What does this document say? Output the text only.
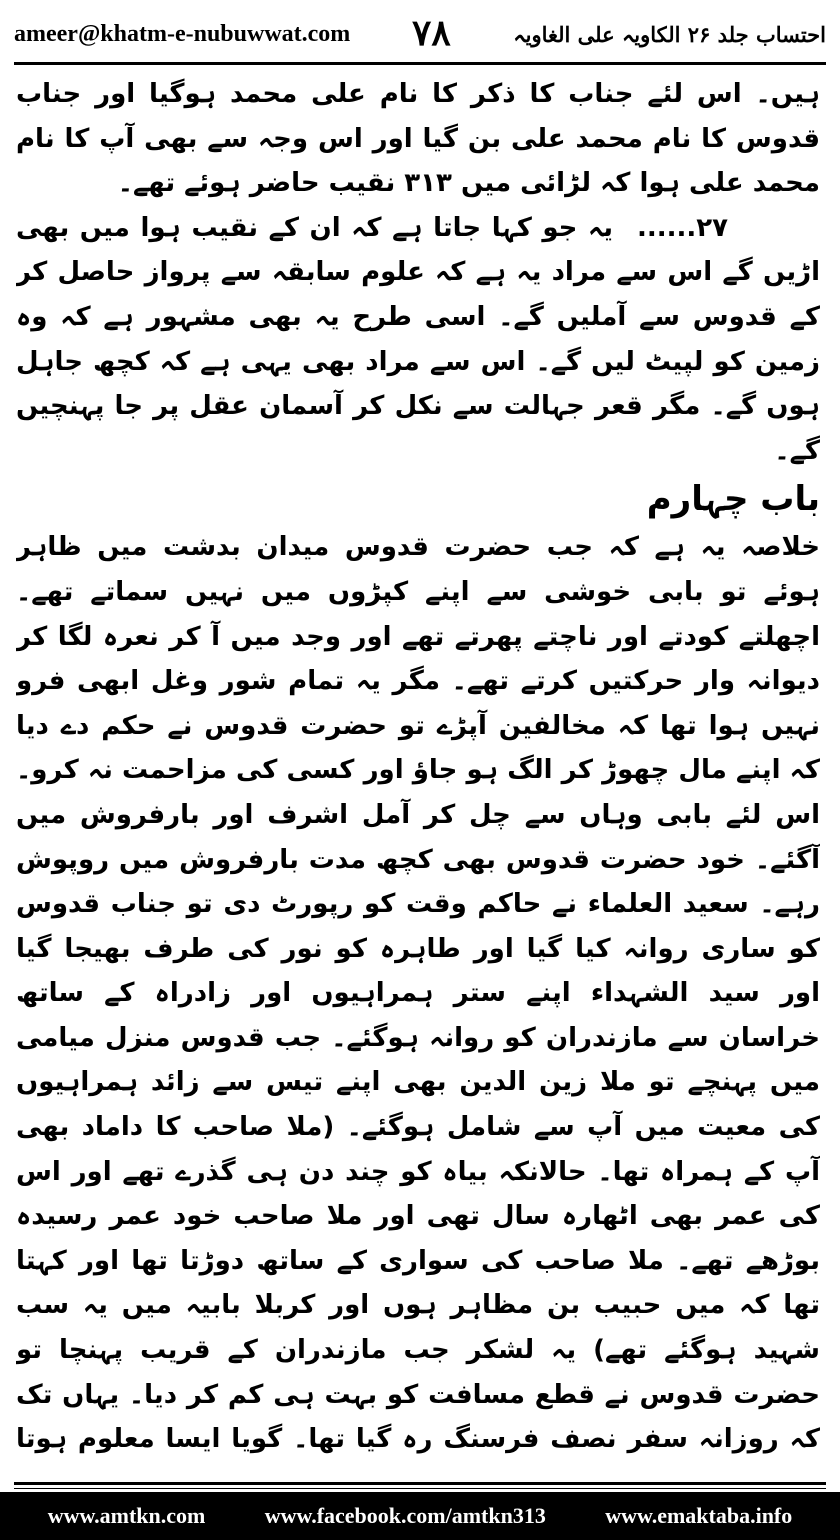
ameer@khatm-e-nubuwwat.com ۷۸	احتساب جلد ۲۶ الکاویہ علی الغاویہ

ہیں۔ اس لئے جناب کا ذکر کا نام علی محمد ہوگیا اور جناب قدوس کا نام محمد علی بن گیا اور اس وجہ سے بھی آپ کا نام محمد علی ہوا کہ لڑائی میں ۳۱۳ نقیب حاضر ہوئے تھے۔

۲۷......یہ جو کہا جاتا ہے کہ ان کے نقیب ہوا میں بھی اڑیں گے اس سے مراد یہ ہے کہ علوم سابقہ سے پرواز حاصل کر کے قدوس سے آملیں گے۔ اسی طرح یہ بھی مشہور ہے کہ وہ زمین کو لپیٹ لیں گے۔ اس سے مراد بھی یہی ہے کہ کچھ جاہل ہوں گے۔ مگر قعر جہالت سے نکل کر آسمان عقل پر جا پہنچیں گے۔

باب چہارم

خلاصہ یہ ہے کہ جب حضرت قدوس میدان بدشت میں ظاہر ہوئے تو بابی خوشی سے اپنے کپڑوں میں نہیں سماتے تھے۔ اچھلتے کودتے اور ناچتے پھرتے تھے اور وجد میں آ کر نعرہ لگا کر دیوانہ وار حرکتیں کرتے تھے۔ مگر یہ تمام شور وغل ابھی فرو نہیں ہوا تھا کہ مخالفین آپڑے تو حضرت قدوس نے حکم دے دیا کہ اپنے مال چھوڑ کر الگ ہو جاؤ اور کسی کی مزاحمت نہ کرو۔ اس لئے بابی وہاں سے چل کر آمل اشرف اور بارفروش میں آگئے۔ خود حضرت قدوس بھی کچھ مدت بارفروش میں روپوش رہے۔ سعید العلماء نے حاکم وقت کو رپورٹ دی تو جناب قدوس کو ساری روانہ کیا گیا اور طاہرہ کو نور کی طرف بھیجا گیا اور سید الشہداء اپنے ستر ہمراہیوں اور زادراہ کے ساتھ خراسان سے مازندران کو روانہ ہوگئے۔ جب قدوس منزل میامی میں پہنچے تو ملا زین الدین بھی اپنے تیس سے زائد ہمراہیوں کی معیت میں آپ سے شامل ہوگئے۔ (ملا صاحب کا داماد بھی آپ کے ہمراہ تھا۔ حالانکہ بیاہ کو چند دن ہی گذرے تھے اور اس کی عمر بھی اٹھارہ سال تھی اور ملا صاحب خود عمر رسیدہ بوڑھے تھے۔ ملا صاحب کی سواری کے ساتھ دوڑتا تھا اور کہتا تھا کہ میں حبیب بن مظاہر ہوں اور کربلا بابیہ میں یہ سب شہید ہوگئے تھے) یہ لشکر جب مازندران کے قریب پہنچا تو حضرت قدوس نے قطع مسافت کو بہت ہی کم کر دیا۔ یہاں تک کہ روزانہ سفر نصف فرسنگ رہ گیا تھا۔ گویا ایسا معلوم ہوتا

www.amtkn.com	www.facebook.com/amtkn313	www.emaktaba.info
